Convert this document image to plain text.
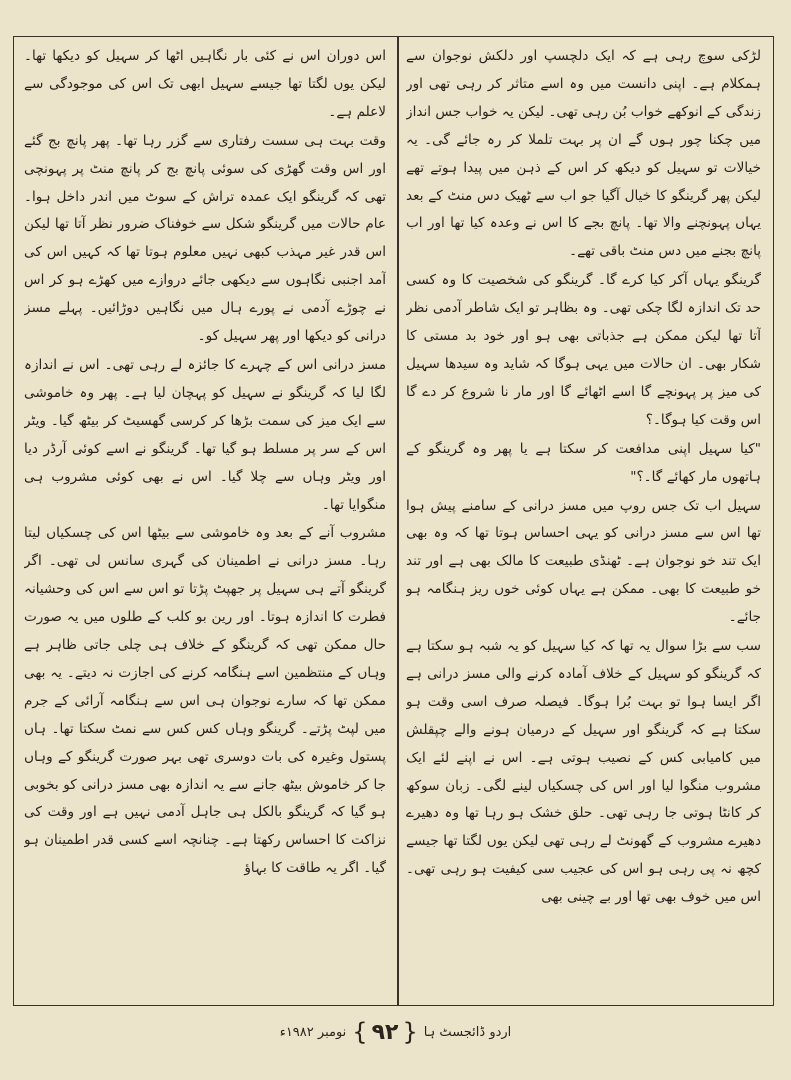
لڑکی سوچ رہی ہے کہ ایک دلچسپ اور دلکش نوجوان سے ہمکلام ہے۔ اپنی دانست میں وہ اسے متاثر کر رہی تھی اور زندگی کے انوکھے خواب بُن رہی تھی۔ لیکن یہ خواب جس انداز میں چکنا چور ہوں گے ان پر بہت تلملا کر رہ جائے گی۔ یہ خیالات تو سہیل کو دیکھ کر اس کے ذہن میں پیدا ہوتے تھے لیکن پھر گرینگو کا خیال آگیا جو اب سے ٹھیک دس منٹ کے بعد یہاں پہونچنے والا تھا۔ پانچ بجے کا اس نے وعدہ کیا تھا اور اب پانچ بجنے میں دس منٹ باقی تھے۔

گرینگو یہاں آکر کیا کرے گا۔ گرینگو کی شخصیت کا وہ کسی حد تک اندازہ لگا چکی تھی۔ وہ بظاہر تو ایک شاطر آدمی نظر آتا تھا لیکن ممکن ہے جذباتی بھی ہو اور خود بد مستی کا شکار بھی۔ ان حالات میں یہی ہوگا کہ شاید وہ سیدھا سہیل کی میز پر پہونچے گا اسے اٹھائے گا اور مار نا شروع کر دے گا اس وقت کیا ہوگا۔؟

"کیا سہیل اپنی مدافعت کر سکتا ہے یا پھر وہ گرینگو کے ہاتھوں مار کھائے گا۔؟"

سہیل اب تک جس روپ میں مسز درانی کے سامنے پیش ہوا تھا اس سے مسز درانی کو یہی احساس ہوتا تھا کہ وہ بھی ایک تند خو نوجوان ہے۔ ٹھنڈی طبیعت کا مالک بھی ہے اور تند خو طبیعت کا بھی۔ ممکن ہے یہاں کوئی خوں ریز ہنگامہ ہو جائے۔

سب سے بڑا سوال یہ تھا کہ کیا سہیل کو یہ شبہ ہو سکتا ہے کہ گرینگو کو سہیل کے خلاف آمادہ کرنے والی مسز درانی ہے اگر ایسا ہوا تو بہت بُرا ہوگا۔ فیصلہ صرف اسی وقت ہو سکتا ہے کہ گرینگو اور سہیل کے درمیان ہونے والے چپقلش میں کامیابی کس کے نصیب ہوتی ہے۔ اس نے اپنے لئے ایک مشروب منگوا لیا اور اس کی چسکیاں لینے لگی۔ زبان سوکھ کر کانٹا ہوتی جا رہی تھی۔ حلق خشک ہو رہا تھا وہ دھیرے دھیرے مشروب کے گھونٹ لے رہی تھی لیکن یوں لگتا تھا جیسے کچھ نہ پی رہی ہو اس کی عجیب سی کیفیت ہو رہی تھی۔ اس میں خوف بھی تھا اور بے چینی بھی

اس دوران اس نے کئی بار نگاہیں اٹھا کر سہیل کو دیکھا تھا۔ لیکن یوں لگتا تھا جیسے سہیل ابھی تک اس کی موجودگی سے لاعلم ہے۔

وقت بہت ہی سست رفتاری سے گزر رہا تھا۔ پھر پانچ بج گئے اور اس وقت گھڑی کی سوئی پانچ بج کر پانچ منٹ پر پہونچی تھی کہ گرینگو ایک عمدہ تراش کے سوٹ میں اندر داخل ہوا۔ عام حالات میں گرینگو شکل سے خوفناک ضرور نظر آتا تھا لیکن اس قدر غیر مہذب کبھی نہیں معلوم ہوتا تھا کہ کہیں اس کی آمد اجنبی نگاہوں سے دیکھی جائے دروازے میں کھڑے ہو کر اس نے چوڑے آدمی نے پورے ہال میں نگاہیں دوڑائیں۔ پہلے مسز درانی کو دیکھا اور پھر سہیل کو۔

مسز درانی اس کے چہرے کا جائزہ لے رہی تھی۔ اس نے اندازہ لگا لیا کہ گرینگو نے سہیل کو پہچان لیا ہے۔ پھر وہ خاموشی سے ایک میز کی سمت بڑھا کر کرسی گھسیٹ کر بیٹھ گیا۔ ویٹر اس کے سر پر مسلط ہو گیا تھا۔ گرینگو نے اسے کوئی آرڈر دیا اور ویٹر وہاں سے چلا گیا۔ اس نے بھی کوئی مشروب ہی منگوایا تھا۔

مشروب آنے کے بعد وہ خاموشی سے بیٹھا اس کی چسکیاں لیتا رہا۔ مسز درانی نے اطمینان کی گہری سانس لی تھی۔ اگر گرینگو آتے ہی سہیل پر جھپٹ پڑتا تو اس سے اس کی وحشیانہ فطرت کا اندازہ ہوتا۔ اور رین بو کلب کے طلوں میں یہ صورت حال ممکن تھی کہ گرینگو کے خلاف ہی چلی جاتی ظاہر ہے وہاں کے منتظمین اسے ہنگامہ کرنے کی اجازت نہ دیتے۔ یہ بھی ممکن تھا کہ سارے نوجوان ہی اس سے ہنگامہ آرائی کے جرم میں لپٹ پڑتے۔ گرینگو وہاں کس کس سے نمٹ سکتا تھا۔ ہاں پستول وغیرہ کی بات دوسری تھی بہر صورت گرینگو کے وہاں جا کر خاموش بیٹھ جانے سے یہ اندازہ بھی مسز درانی کو بخوبی ہو گیا کہ گرینگو بالکل ہی جاہل آدمی نہیں ہے اور وقت کی نزاکت کا احساس رکھتا ہے۔ چنانچہ اسے کسی قدر اطمینان ہو گیا۔ اگر یہ طاقت کا بہاؤ

اردو ڈائجسٹ ہا
{
۹۲
}
نومبر ۱۹۸۲ء
